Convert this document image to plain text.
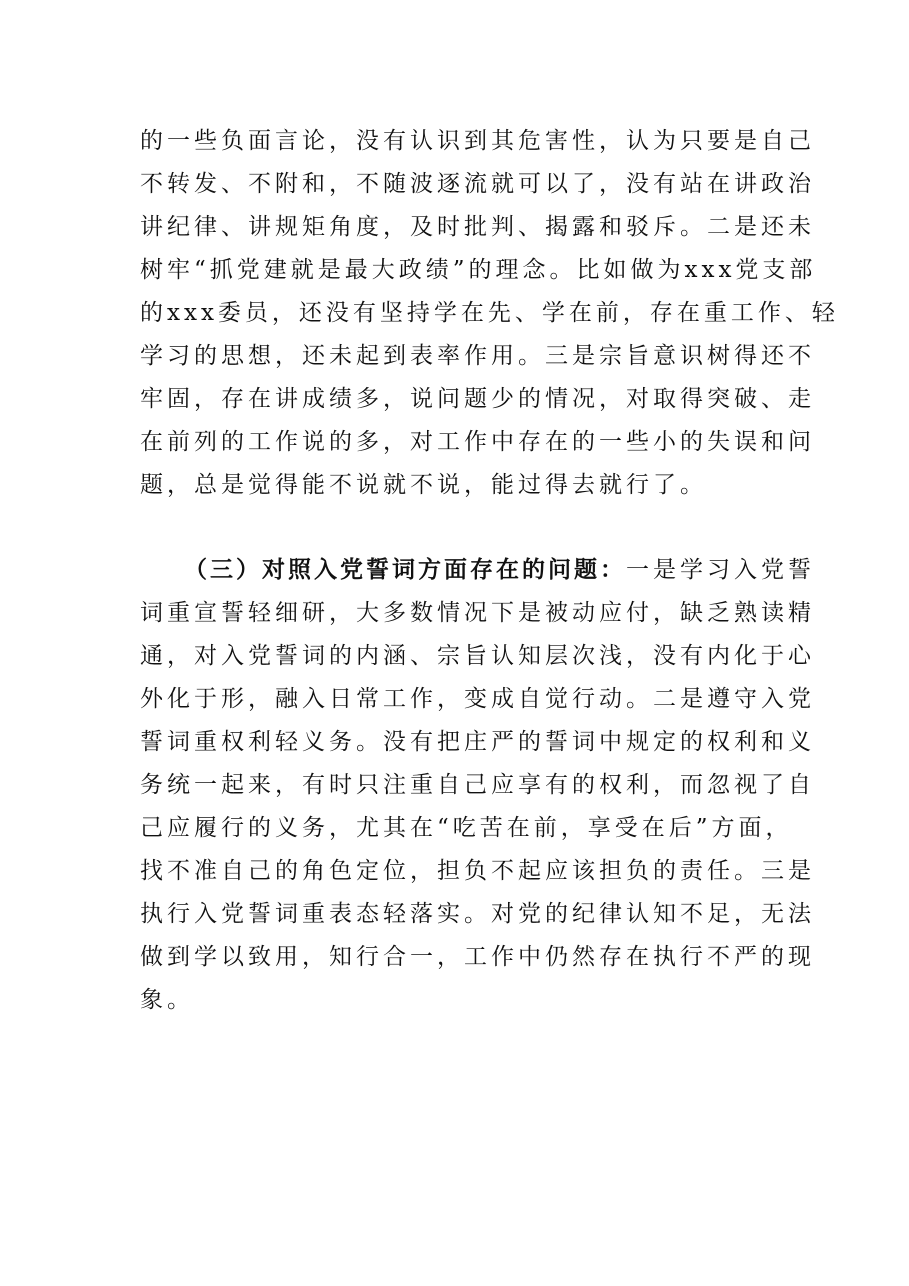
的一些负面言论，没有认识到其危害性，认为只要是自己
不转发、不附和，不随波逐流就可以了，没有站在讲政治
讲纪律、讲规矩角度，及时批判、揭露和驳斥。二是还未
树牢“抓党建就是最大政绩”的理念。比如做为xxx党支部
的xxx委员，还没有坚持学在先、学在前，存在重工作、轻
学习的思想，还未起到表率作用。三是宗旨意识树得还不
牢固，存在讲成绩多，说问题少的情况，对取得突破、走
在前列的工作说的多，对工作中存在的一些小的失误和问
题，总是觉得能不说就不说，能过得去就行了。
（三）对照入党誓词方面存在的问题：一是学习入党誓
词重宣誓轻细研，大多数情况下是被动应付，缺乏熟读精
通，对入党誓词的内涵、宗旨认知层次浅，没有内化于心
外化于形，融入日常工作，变成自觉行动。二是遵守入党
誓词重权利轻义务。没有把庄严的誓词中规定的权利和义
务统一起来，有时只注重自己应享有的权利，而忽视了自
己应履行的义务，尤其在“吃苦在前，享受在后”方面，
找不准自己的角色定位，担负不起应该担负的责任。三是
执行入党誓词重表态轻落实。对党的纪律认知不足，无法
做到学以致用，知行合一，工作中仍然存在执行不严的现
象。
